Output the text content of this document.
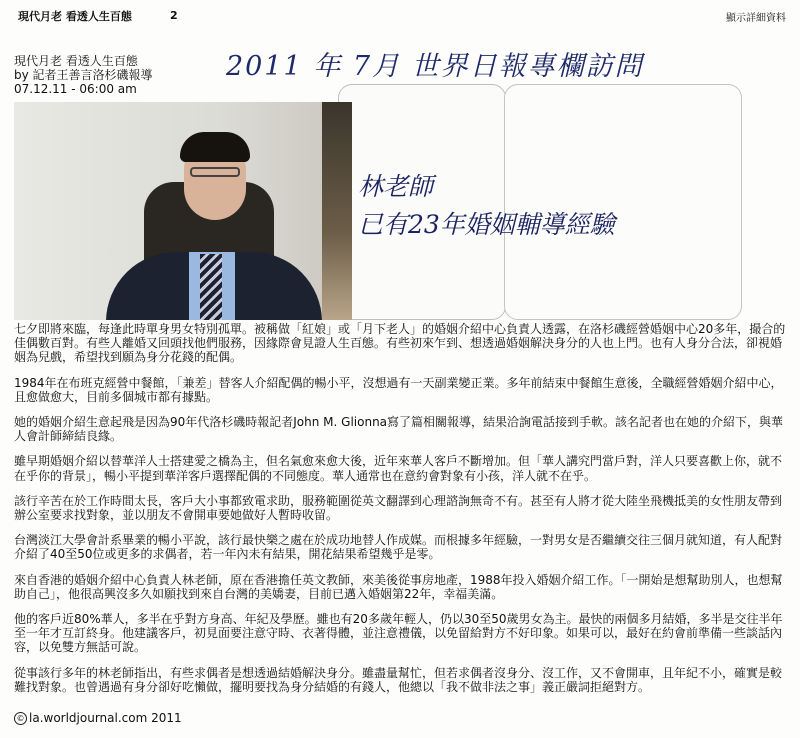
現代月老 看透人生百態	2	顯示詳細資料
2011 年 7月 世界日報專欄訪問
現代月老 看透人生百態
by 記者王善言洛杉磯報導
07.12.11 - 06:00 am
林老師
已有23年婚姻輔導經驗

七夕即將來臨，每逢此時單身男女特別孤單。被稱做「紅娘」或「月下老人」的婚姻介紹中心負責人透露，在洛杉磯經營婚姻中心20多年，撮合的佳偶數百對。有些人離婚又回頭找他們服務，因緣際會見證人生百態。有些初來乍到、想透過婚姻解決身分的人也上門。也有人身分合法，卻視婚姻為兒戲，希望找到願為身分花錢的配偶。

1984年在布班克經營中餐館，「兼差」替客人介紹配偶的暢小平，沒想過有一天副業變正業。多年前結束中餐館生意後，全職經營婚姻介紹中心，且愈做愈大，目前多個城市都有據點。

她的婚姻介紹生意起飛是因為90年代洛杉磯時報記者John M. Glionna寫了篇相關報導，結果洽詢電話接到手軟。該名記者也在她的介紹下，與華人會計師締結良緣。

雖早期婚姻介紹以替華洋人士搭建愛之橋為主，但名氣愈來愈大後，近年來華人客戶不斷增加。但「華人講究門當戶對，洋人只要喜歡上你，就不在乎你的背景」，暢小平提到華洋客戶選擇配偶的不同態度。華人通常也在意約會對象有小孩，洋人就不在乎。

該行辛苦在於工作時間太長，客戶大小事都致電求助，服務範圍從英文翻譯到心理諮詢無奇不有。甚至有人將才從大陸坐飛機抵美的女性朋友帶到辦公室要求找對象，並以朋友不會開車要她做好人暫時收留。

台灣淡江大學會計系畢業的暢小平說，該行最快樂之處在於成功地替人作成媒。而根據多年經驗，一對男女是否繼續交往三個月就知道，有人配對介紹了40至50位或更多的求偶者，若一年內未有結果，開花結果希望幾乎是零。

來自香港的婚姻介紹中心負責人林老師，原在香港擔任英文教師，來美後從事房地產，1988年投入婚姻介紹工作。「一開始是想幫助別人，也想幫助自己」，他很高興沒多久如願找到來自台灣的美嬌妻，目前已邁入婚姻第22年，幸福美滿。

他的客戶近80%華人，多半在乎對方身高、年紀及學歷。雖也有20多歲年輕人，仍以30至50歲男女為主。最快的兩個多月結婚，多半是交往半年至一年才互訂終身。他建議客戶，初見面要注意守時、衣著得體，並注意禮儀，以免留給對方不好印象。如果可以，最好在約會前準備一些談話內容，以免雙方無話可說。

從事該行多年的林老師指出，有些求偶者是想透過結婚解決身分。雖盡量幫忙，但若求偶者沒身分、沒工作，又不會開車，且年紀不小，確實是較難找對象。也曾遇過有身分卻好吃懶做，擺明要找為身分結婚的有錢人，他總以「我不做非法之事」義正嚴詞拒絕對方。

© la.worldjournal.com 2011
